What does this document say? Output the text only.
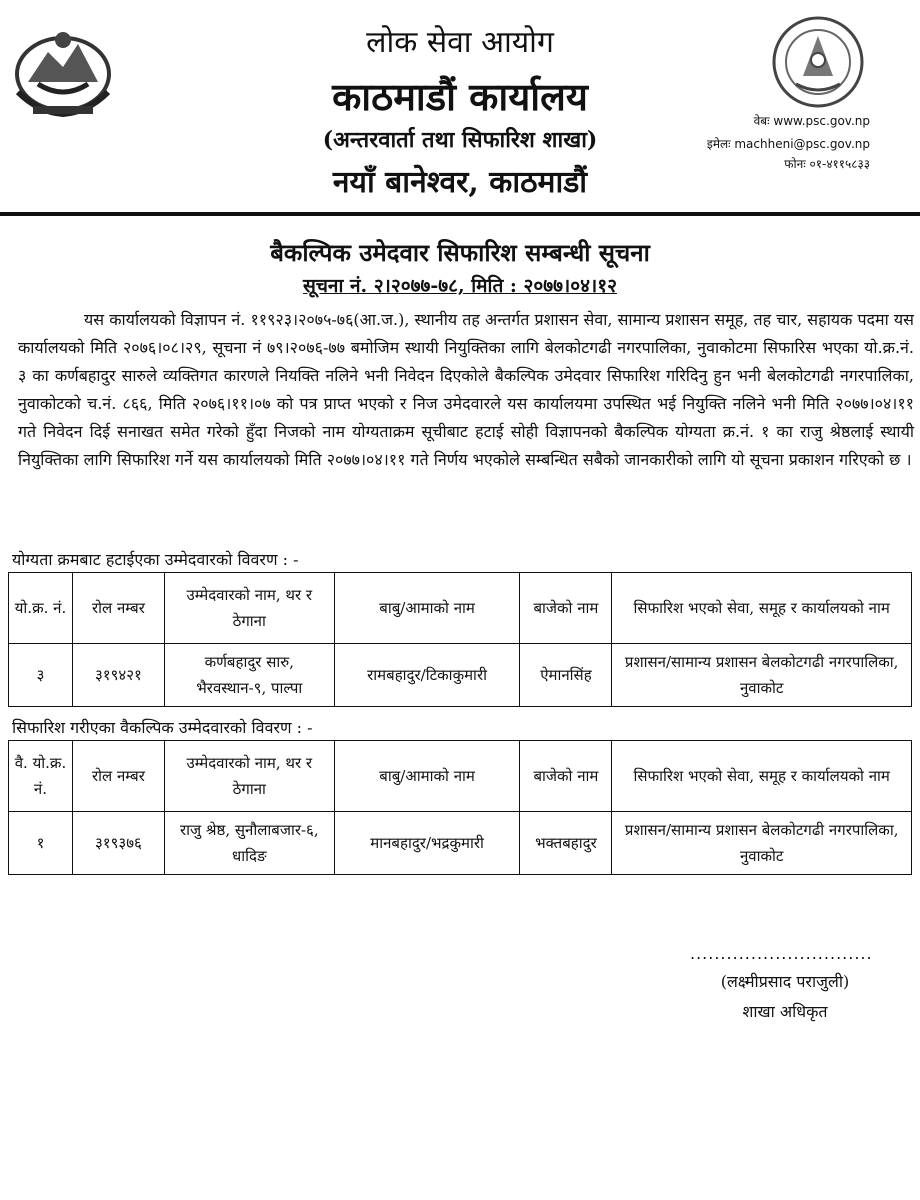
लोक सेवा आयोग
काठमाडौं कार्यालय
(अन्तरवार्ता तथा सिफारिश शाखा)
नयाँ बानेश्वर, काठमाडौं
वेबः www.psc.gov.np
इमेलः machheni@psc.gov.np
फोनः ०१-४११५८३३
बैकल्पिक उमेदवार सिफारिश सम्बन्धी सूचना
सूचना नं. २।२०७७-७८, मिति : २०७७।०४।१२
यस कार्यालयको विज्ञापन नं. ११९२३।२०७५-७६(आ.ज.), स्थानीय तह अन्तर्गत प्रशासन सेवा, सामान्य प्रशासन समूह, तह चार, सहायक पदमा यस कार्यालयको मिति २०७६।०८।२९, सूचना नं ७९।२०७६-७७ बमोजिम स्थायी नियुक्तिका लागि बेलकोटगढी नगरपालिका, नुवाकोटमा सिफारिस भएका यो.क्र.नं. ३ का कर्णबहादुर सारुले व्यक्तिगत कारणले नियक्ति नलिने भनी निवेदन दिएकोले बैकल्पिक उमेदवार सिफारिश गरिदिनु हुन भनी बेलकोटगढी नगरपालिका, नुवाकोटको च.नं. ८६६, मिति २०७६।११।०७ को पत्र प्राप्त भएको र निज उमेदवारले यस कार्यालयमा उपस्थित भई नियुक्ति नलिने भनी मिति २०७७।०४।११ गते निवेदन दिई सनाखत समेत गरेको हुँदा निजको नाम योग्यताक्रम सूचीबाट हटाई सोही विज्ञापनको बैकल्पिक योग्यता क्र.नं. १ का राजु श्रेष्ठलाई स्थायी नियुक्तिका लागि सिफारिश गर्ने यस कार्यालयको मिति २०७७।०४।११ गते निर्णय भएकोले सम्बन्धित सबैको जानकारीको लागि यो सूचना प्रकाशन गरिएको छ ।
योग्यता क्रमबाट हटाईएका उम्मेदवारको विवरण : -
यो.क्र. नं.	रोल नम्बर	उम्मेदवारको नाम, थर र ठेगाना	बाबु/आमाको नाम	बाजेको नाम	सिफारिश भएको सेवा, समूह र कार्यालयको नाम
३	३१९४२१	कर्णबहादुर सारु, भैरवस्थान-९, पाल्पा	रामबहादुर/टिकाकुमारी	ऐमानसिंह	प्रशासन/सामान्य प्रशासन बेलकोटगढी नगरपालिका, नुवाकोट
सिफारिश गरीएका वैकल्पिक उम्मेदवारको विवरण : -
वै. यो.क्र. नं.	रोल नम्बर	उम्मेदवारको नाम, थर र ठेगाना	बाबु/आमाको नाम	बाजेको नाम	सिफारिश भएको सेवा, समूह र कार्यालयको नाम
१	३१९३७६	राजु श्रेष्ठ, सुनौलाबजार-६, धादिङ	मानबहादुर/भद्रकुमारी	भक्तबहादुर	प्रशासन/सामान्य प्रशासन बेलकोटगढी नगरपालिका, नुवाकोट
..............................
(लक्ष्मीप्रसाद पराजुली)
शाखा अधिकृत
